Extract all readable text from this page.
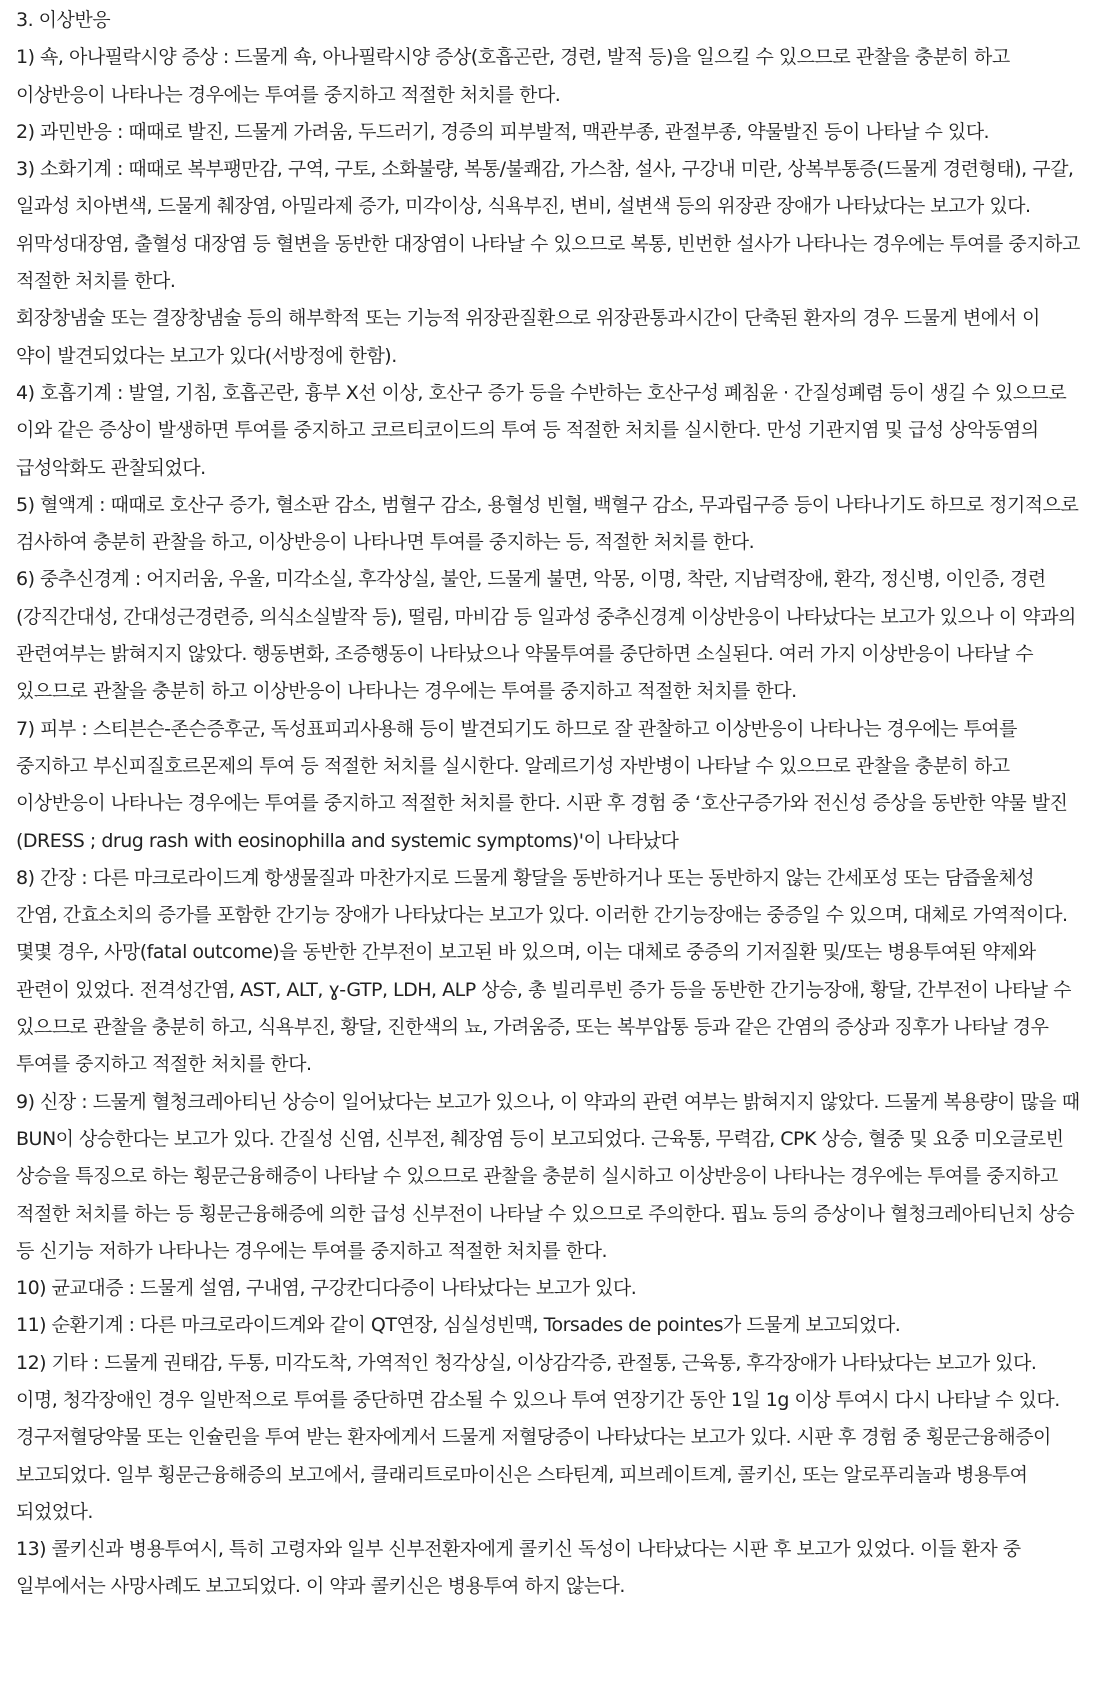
3. 이상반응

1) 쇽, 아나필락시양 증상 : 드물게 쇽, 아나필락시양 증상(호흡곤란, 경련, 발적 등)을 일으킬 수 있으므로 관찰을 충분히 하고 이상반응이 나타나는 경우에는 투여를 중지하고 적절한 처치를 한다.

2) 과민반응 : 때때로 발진, 드물게 가려움, 두드러기, 경증의 피부발적, 맥관부종, 관절부종, 약물발진 등이 나타날 수 있다.

3) 소화기계 : 때때로 복부팽만감, 구역, 구토, 소화불량, 복통/불쾌감, 가스참, 설사, 구강내 미란, 상복부통증(드물게 경련형태), 구갈, 일과성 치아변색, 드물게 췌장염, 아밀라제 증가, 미각이상, 식욕부진, 변비, 설변색 등의 위장관 장애가 나타났다는 보고가 있다. 위막성대장염, 출혈성 대장염 등 혈변을 동반한 대장염이 나타날 수 있으므로 복통, 빈번한 설사가 나타나는 경우에는 투여를 중지하고 적절한 처치를 한다.

회장창냄술 또는 결장창냄술 등의 해부학적 또는 기능적 위장관질환으로 위장관통과시간이 단축된 환자의 경우 드물게 변에서 이 약이 발견되었다는 보고가 있다(서방정에 한함).

4) 호흡기계 : 발열, 기침, 호흡곤란, 흉부 X선 이상, 호산구 증가 등을 수반하는 호산구성 폐침윤 · 간질성폐렴 등이 생길 수 있으므로 이와 같은 증상이 발생하면 투여를 중지하고 코르티코이드의 투여 등 적절한 처치를 실시한다. 만성 기관지염 및 급성 상악동염의 급성악화도 관찰되었다.

5) 혈액계 : 때때로 호산구 증가, 혈소판 감소, 범혈구 감소, 용혈성 빈혈, 백혈구 감소, 무과립구증 등이 나타나기도 하므로 정기적으로 검사하여 충분히 관찰을 하고, 이상반응이 나타나면 투여를 중지하는 등, 적절한 처치를 한다.

6) 중추신경계 : 어지러움, 우울, 미각소실, 후각상실, 불안, 드물게 불면, 악몽, 이명, 착란, 지남력장애, 환각, 정신병, 이인증, 경련(강직간대성, 간대성근경련증, 의식소실발작 등), 떨림, 마비감 등 일과성 중추신경계 이상반응이 나타났다는 보고가 있으나 이 약과의 관련여부는 밝혀지지 않았다. 행동변화, 조증행동이 나타났으나 약물투여를 중단하면 소실된다. 여러 가지 이상반응이 나타날 수 있으므로 관찰을 충분히 하고 이상반응이 나타나는 경우에는 투여를 중지하고 적절한 처치를 한다.

7) 피부 : 스티븐슨-존슨증후군, 독성표피괴사용해 등이 발견되기도 하므로 잘 관찰하고 이상반응이 나타나는 경우에는 투여를 중지하고 부신피질호르몬제의 투여 등 적절한 처치를 실시한다. 알레르기성 자반병이 나타날 수 있으므로 관찰을 충분히 하고 이상반응이 나타나는 경우에는 투여를 중지하고 적절한 처치를 한다. 시판 후 경험 중 ‘호산구증가와 전신성 증상을 동반한 약물 발진(DRESS ; drug rash with eosinophilla and systemic symptoms)'이 나타났다

8) 간장 : 다른 마크로라이드계 항생물질과 마찬가지로 드물게 황달을 동반하거나 또는 동반하지 않는 간세포성 또는 담즙울체성 간염, 간효소치의 증가를 포함한 간기능 장애가 나타났다는 보고가 있다. 이러한 간기능장애는 중증일 수 있으며, 대체로 가역적이다. 몇몇 경우, 사망(fatal outcome)을 동반한 간부전이 보고된 바 있으며, 이는 대체로 중증의 기저질환 및/또는 병용투여된 약제와 관련이 있었다. 전격성간염, AST, ALT, ɣ-GTP, LDH, ALP 상승, 총 빌리루빈 증가 등을 동반한 간기능장애, 황달, 간부전이 나타날 수 있으므로 관찰을 충분히 하고, 식욕부진, 황달, 진한색의 뇨, 가려움증, 또는 복부압통 등과 같은 간염의 증상과 징후가 나타날 경우 투여를 중지하고 적절한 처치를 한다.

9) 신장 : 드물게 혈청크레아티닌 상승이 일어났다는 보고가 있으나, 이 약과의 관련 여부는 밝혀지지 않았다. 드물게 복용량이 많을 때 BUN이 상승한다는 보고가 있다. 간질성 신염, 신부전, 췌장염 등이 보고되었다. 근육통, 무력감, CPK 상승, 혈중 및 요중 미오글로빈 상승을 특징으로 하는 횡문근융해증이 나타날 수 있으므로 관찰을 충분히 실시하고 이상반응이 나타나는 경우에는 투여를 중지하고 적절한 처치를 하는 등 횡문근융해증에 의한 급성 신부전이 나타날 수 있으므로 주의한다. 핍뇨 등의 증상이나 혈청크레아티닌치 상승 등 신기능 저하가 나타나는 경우에는 투여를 중지하고 적절한 처치를 한다.

10) 균교대증 : 드물게 설염, 구내염, 구강칸디다증이 나타났다는 보고가 있다.

11) 순환기계 : 다른 마크로라이드계와 같이 QT연장, 심실성빈맥, Torsades de pointes가 드물게 보고되었다.

12) 기타 : 드물게 권태감, 두통, 미각도착, 가역적인 청각상실, 이상감각증, 관절통, 근육통, 후각장애가 나타났다는 보고가 있다. 이명, 청각장애인 경우 일반적으로 투여를 중단하면 감소될 수 있으나 투여 연장기간 동안 1일 1g 이상 투여시 다시 나타날 수 있다. 경구저혈당약물 또는 인슐린을 투여 받는 환자에게서 드물게 저혈당증이 나타났다는 보고가 있다. 시판 후 경험 중 횡문근융해증이 보고되었다. 일부 횡문근융해증의 보고에서, 클래리트로마이신은 스타틴계, 피브레이트계, 콜키신, 또는 알로푸리놀과 병용투여 되었었다.

13) 콜키신과 병용투여시, 특히 고령자와 일부 신부전환자에게 콜키신 독성이 나타났다는 시판 후 보고가 있었다. 이들 환자 중 일부에서는 사망사례도 보고되었다. 이 약과 콜키신은 병용투여 하지 않는다.
